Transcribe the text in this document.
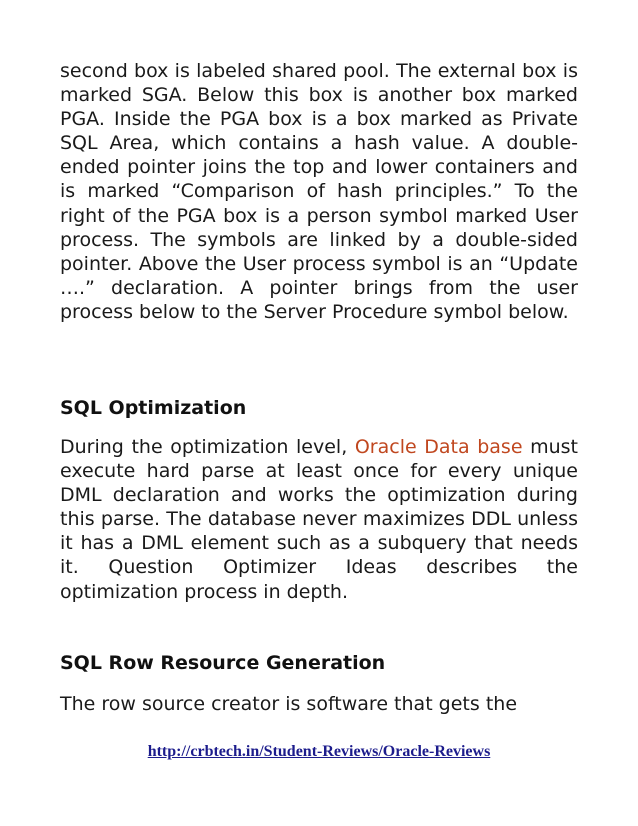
second box is labeled shared pool. The external box is marked SGA. Below this box is another box marked PGA. Inside the PGA box is a box marked as Private SQL Area, which contains a hash value. A double-ended pointer joins the top and lower containers and is marked “Comparison of hash principles.” To the right of the PGA box is a person symbol marked User process. The symbols are linked by a double-sided pointer. Above the User process symbol is an “Update ….” declaration. A pointer brings from the user process below to the Server Procedure symbol below.

SQL Optimization

During the optimization level, Oracle Data base must execute hard parse at least once for every unique DML declaration and works the optimization during this parse. The database never maximizes DDL unless it has a DML element such as a subquery that needs it. Question Optimizer Ideas describes the optimization process in depth.

SQL Row Resource Generation

The row source creator is software that gets the

http://crbtech.in/Student-Reviews/Oracle-Reviews
